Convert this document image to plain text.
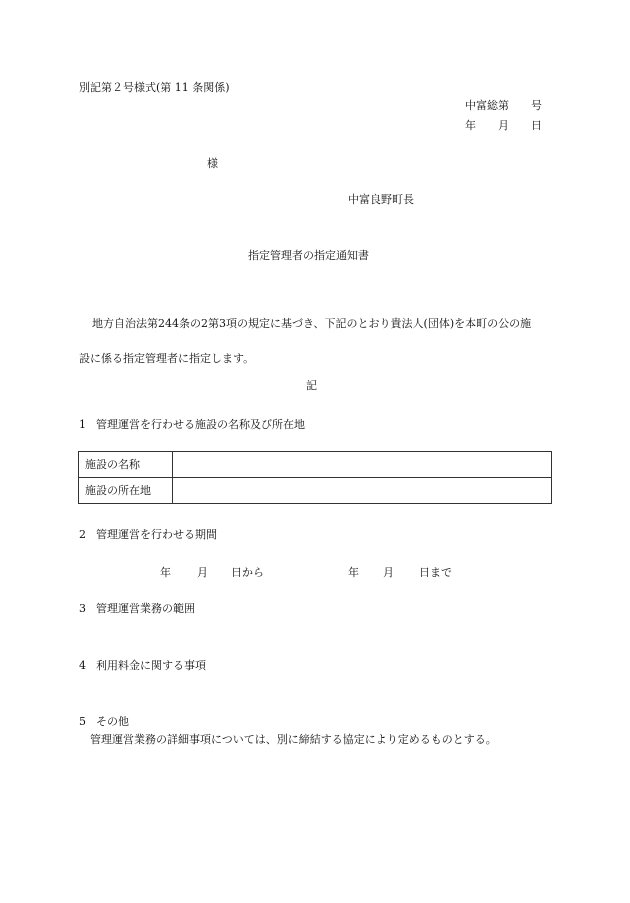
別記第２号様式(第 11 条関係)
中富総第 号
年 月 日
様
中富良野町長
指定管理者の指定通知書
地方自治法第244条の2第3項の規定に基づき、下記のとおり貴法人(団体)を本町の公の施
設に係る指定管理者に指定します。
記
1 管理運営を行わせる施設の名称及び所在地
施設の名称	
施設の所在地	
2 管理運営を行わせる期間
年 月 日から	年 月 日まで
3 管理運営業務の範囲
4 利用料金に関する事項
5 その他
管理運営業務の詳細事項については、別に締結する協定により定めるものとする。
